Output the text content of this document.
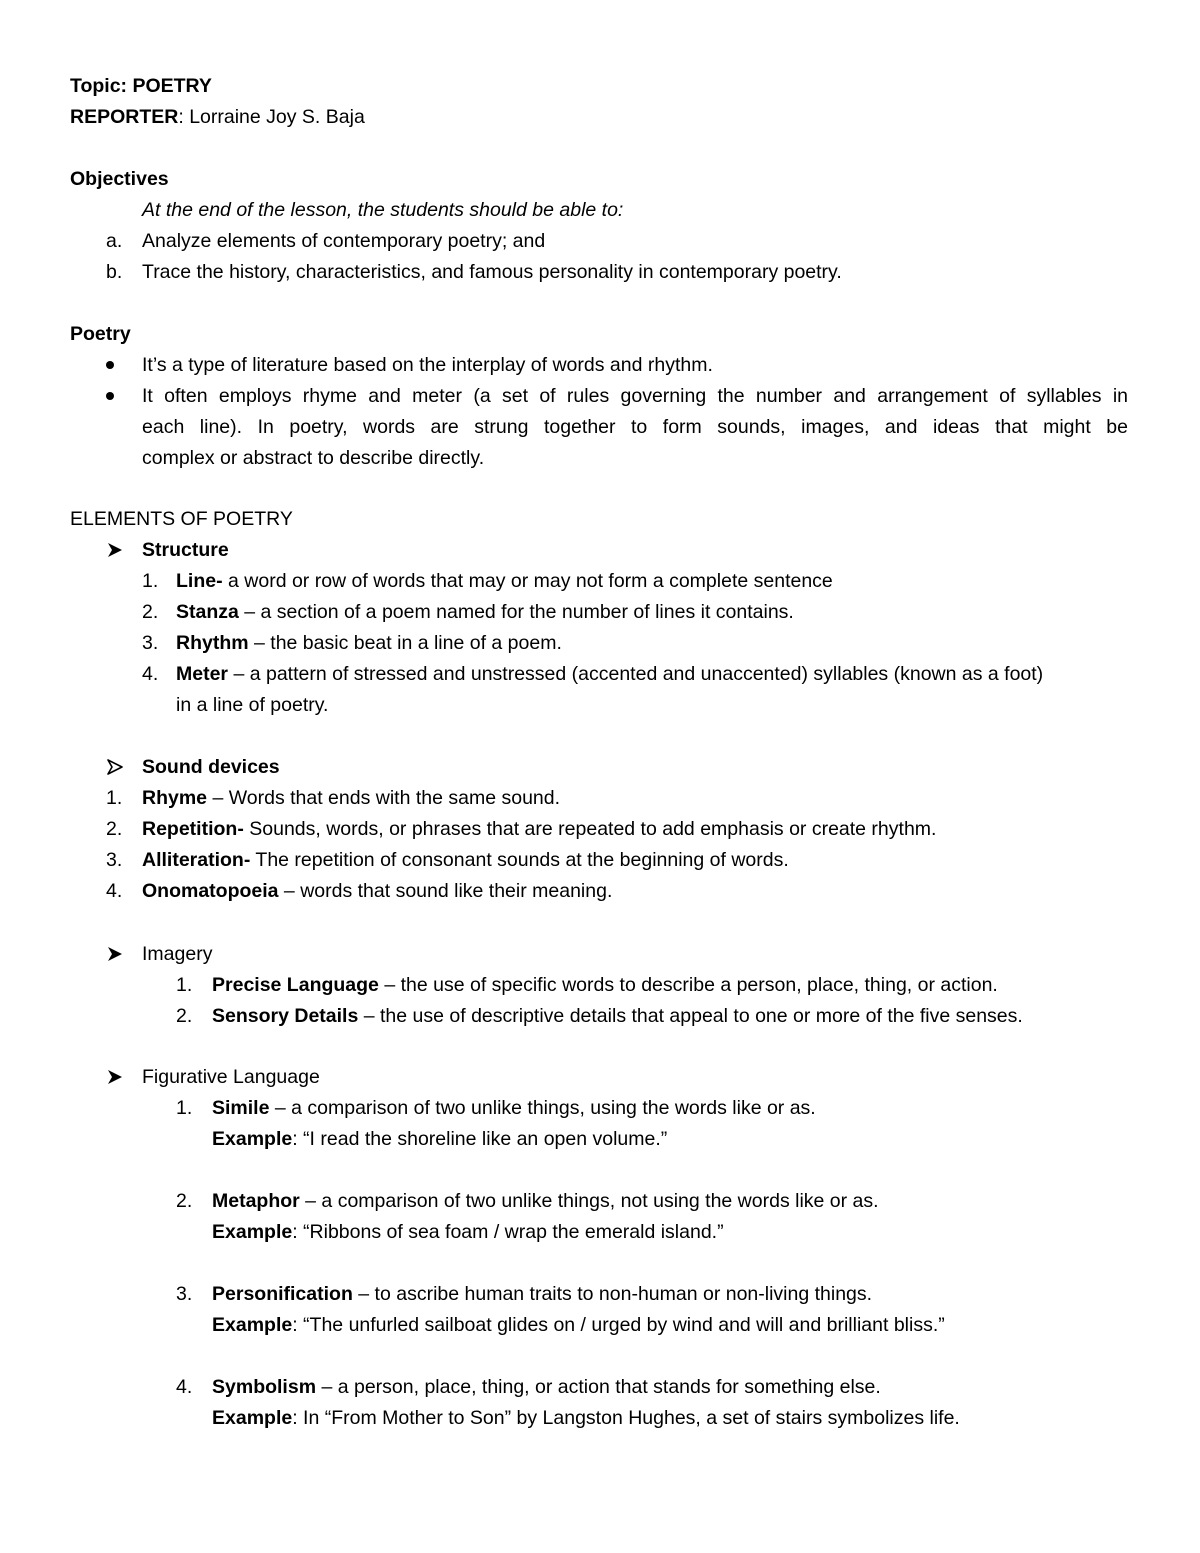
Topic: POETRY
REPORTER: Lorraine Joy S. Baja
Objectives
At the end of the lesson, the students should be able to:
a. Analyze elements of contemporary poetry; and
b. Trace the history, characteristics, and famous personality in contemporary poetry.
Poetry
It’s a type of literature based on the interplay of words and rhythm.
It often employs rhyme and meter (a set of rules governing the number and arrangement of syllables in
each line). In poetry, words are strung together to form sounds, images, and ideas that might be
complex or abstract to describe directly.
ELEMENTS OF POETRY
Structure
1. Line- a word or row of words that may or may not form a complete sentence
2. Stanza – a section of a poem named for the number of lines it contains.
3. Rhythm – the basic beat in a line of a poem.
4. Meter – a pattern of stressed and unstressed (accented and unaccented) syllables (known as a foot)
in a line of poetry.
Sound devices
1. Rhyme – Words that ends with the same sound.
2. Repetition- Sounds, words, or phrases that are repeated to add emphasis or create rhythm.
3. Alliteration- The repetition of consonant sounds at the beginning of words.
4. Onomatopoeia – words that sound like their meaning.
Imagery
1. Precise Language – the use of specific words to describe a person, place, thing, or action.
2. Sensory Details – the use of descriptive details that appeal to one or more of the five senses.
Figurative Language
1. Simile – a comparison of two unlike things, using the words like or as.
Example: “I read the shoreline like an open volume.”
2. Metaphor – a comparison of two unlike things, not using the words like or as.
Example: “Ribbons of sea foam / wrap the emerald island.”
3. Personification – to ascribe human traits to non-human or non-living things.
Example: “The unfurled sailboat glides on / urged by wind and will and brilliant bliss.”
4. Symbolism – a person, place, thing, or action that stands for something else.
Example: In “From Mother to Son” by Langston Hughes, a set of stairs symbolizes life.
